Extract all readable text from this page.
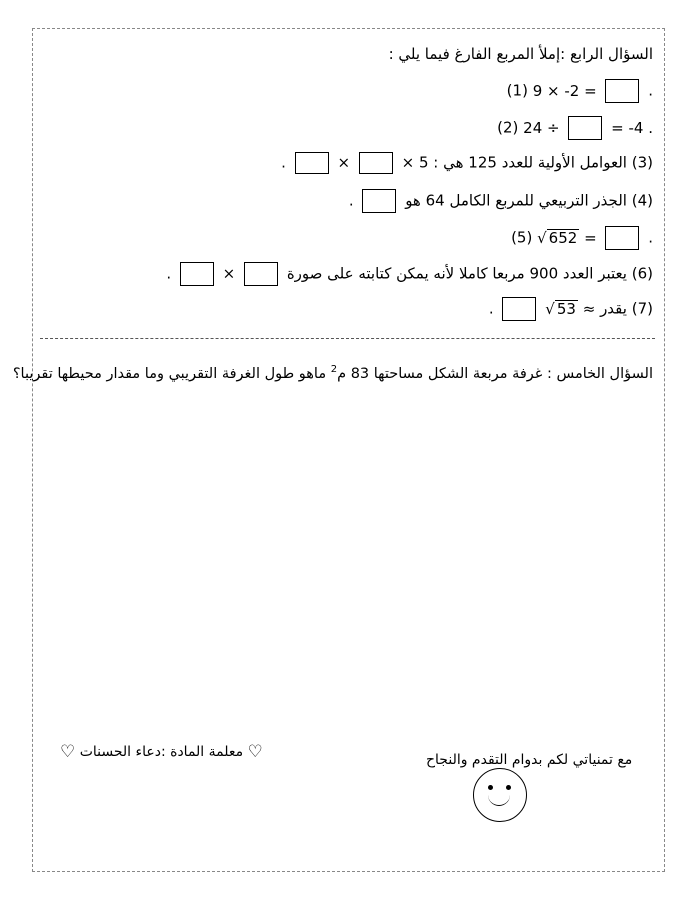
السؤال الرابع :إملأ المربع الفارغ فيما يلي :
(1) 9 × -2 =	.
(2) 24 ÷	= -4 .
(3) العوامل الأولية للعدد 125 هي : 5 ×  ×  .
(4) الجذر التربيعي للمربع الكامل 64 هو  .
(5) √ 652 =	.
(6) يعتبر العدد 900 مربعا كاملا لأنه يمكن كتابته على صورة  ×  .
(7) يقدر √ 53 ≈  .
السؤال الخامس : غرفة مربعة الشكل مساحتها 83 م$^2$ ماهو طول الغرفة التقريبي وما مقدار محيطها تقريبا؟
♡ معلمة المادة :دعاء الحسنات ♡	مع تمنياتي لكم بدوام التقدم والنجاح
